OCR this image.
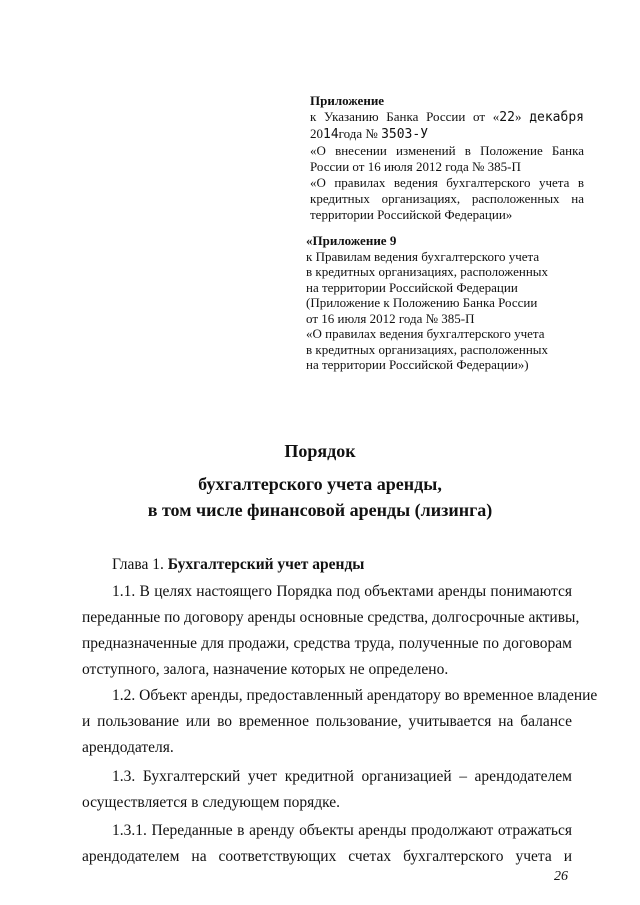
Приложение
к Указанию Банка России от «22» декабря
2014года № 3503-У
«О внесении изменений в Положение Банка
России от 16 июля 2012 года № 385-П
«О правилах ведения бухгалтерского учета в
кредитных организациях, расположенных на
территории Российской Федерации»
«Приложение 9
к Правилам ведения бухгалтерского учета
в кредитных организациях, расположенных
на территории Российской Федерации
(Приложение к Положению Банка России
от 16 июля 2012 года № 385-П
«О правилах ведения бухгалтерского учета
в кредитных организациях, расположенных
на территории Российской Федерации»)
Порядок
бухгалтерского учета аренды,
в том числе финансовой аренды (лизинга)
Глава 1. Бухгалтерский учет аренды
1.1. В целях настоящего Порядка под объектами аренды понимаются
переданные по договору аренды основные средства, долгосрочные активы,
предназначенные для продажи, средства труда, полученные по договорам
отступного, залога, назначение которых не определено.
1.2. Объект аренды, предоставленный арендатору во временное владение
и пользование или во временное пользование, учитывается на балансе
арендодателя.
1.3. Бухгалтерский учет кредитной организацией – арендодателем
осуществляется в следующем порядке.
1.3.1. Переданные в аренду объекты аренды продолжают отражаться
арендодателем на соответствующих счетах бухгалтерского учета и
26
